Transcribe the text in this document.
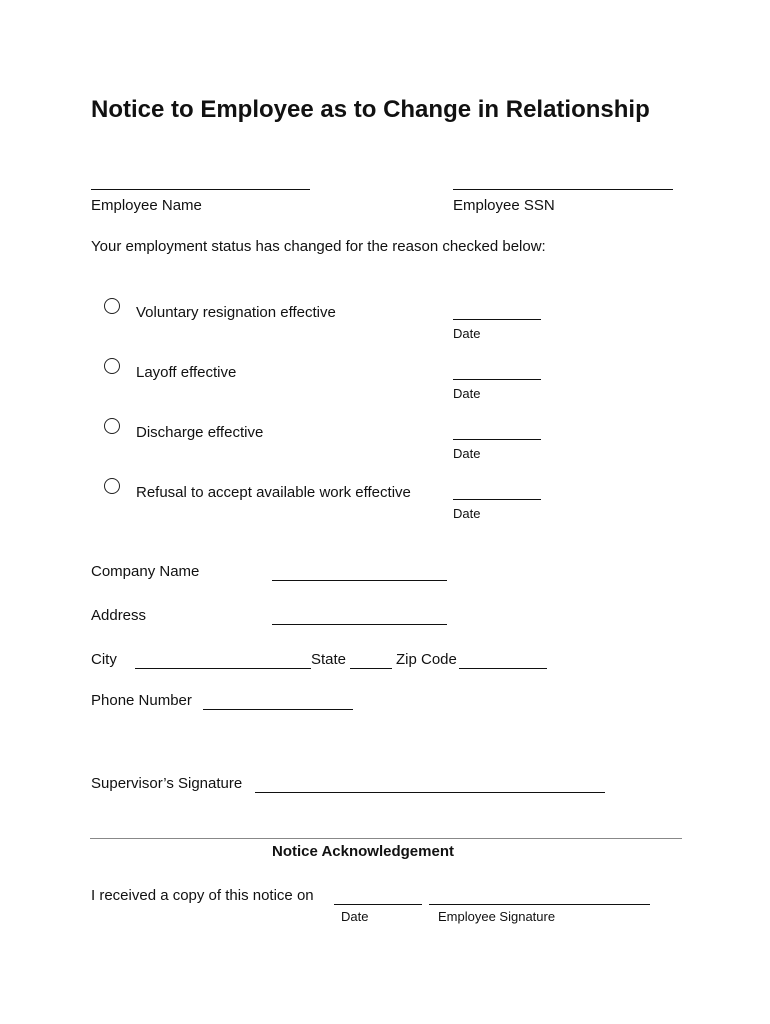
Notice to Employee as to Change in Relationship
Employee Name	Employee SSN
Your employment status has changed for the reason checked below:
Voluntary resignation effective
Date
Layoff effective
Date
Discharge effective
Date
Refusal to accept available work effective
Date
Company Name
Address
City	State	Zip Code
Phone Number
Supervisor’s Signature
Notice Acknowledgement
I received a copy of this notice on
Date	Employee Signature
